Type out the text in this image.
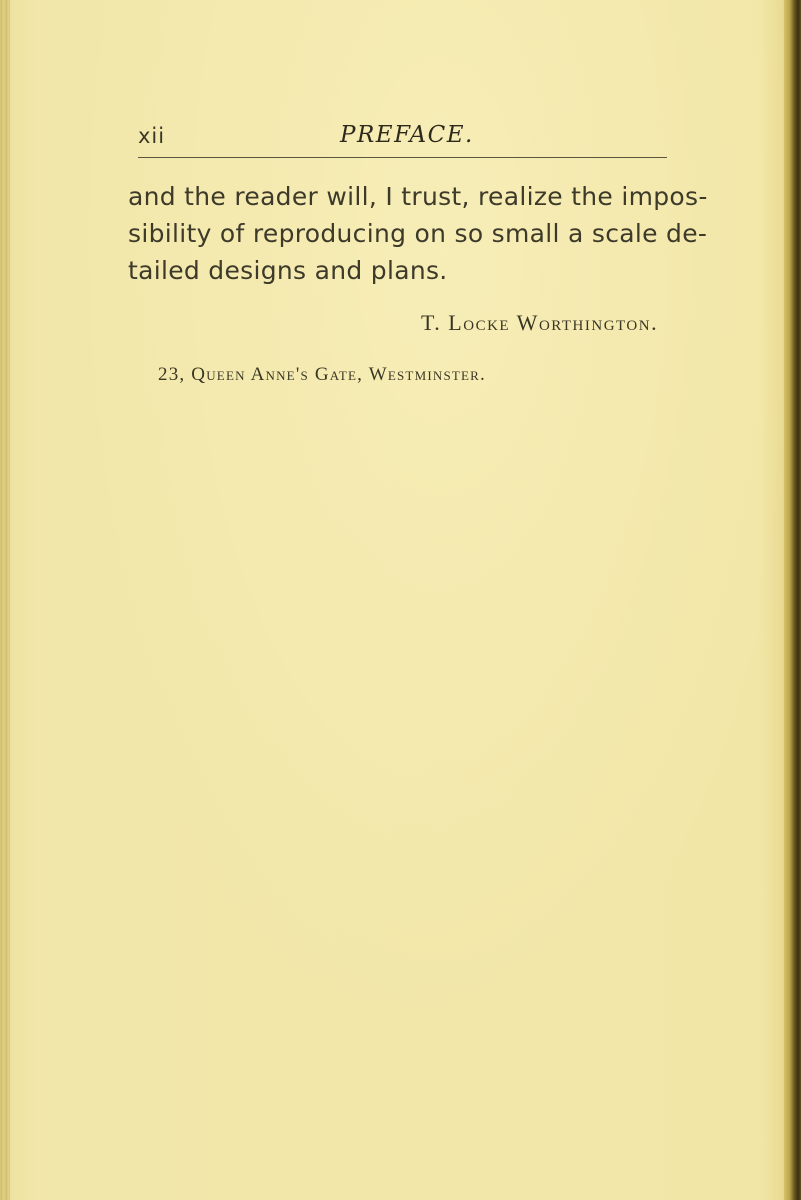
xii	PREFACE.
and the reader will, I trust, realize the impos-
sibility of reproducing on so small a scale de-
tailed designs and plans.
T. Locke Worthington.
23, Queen Anne's Gate, Westminster.
